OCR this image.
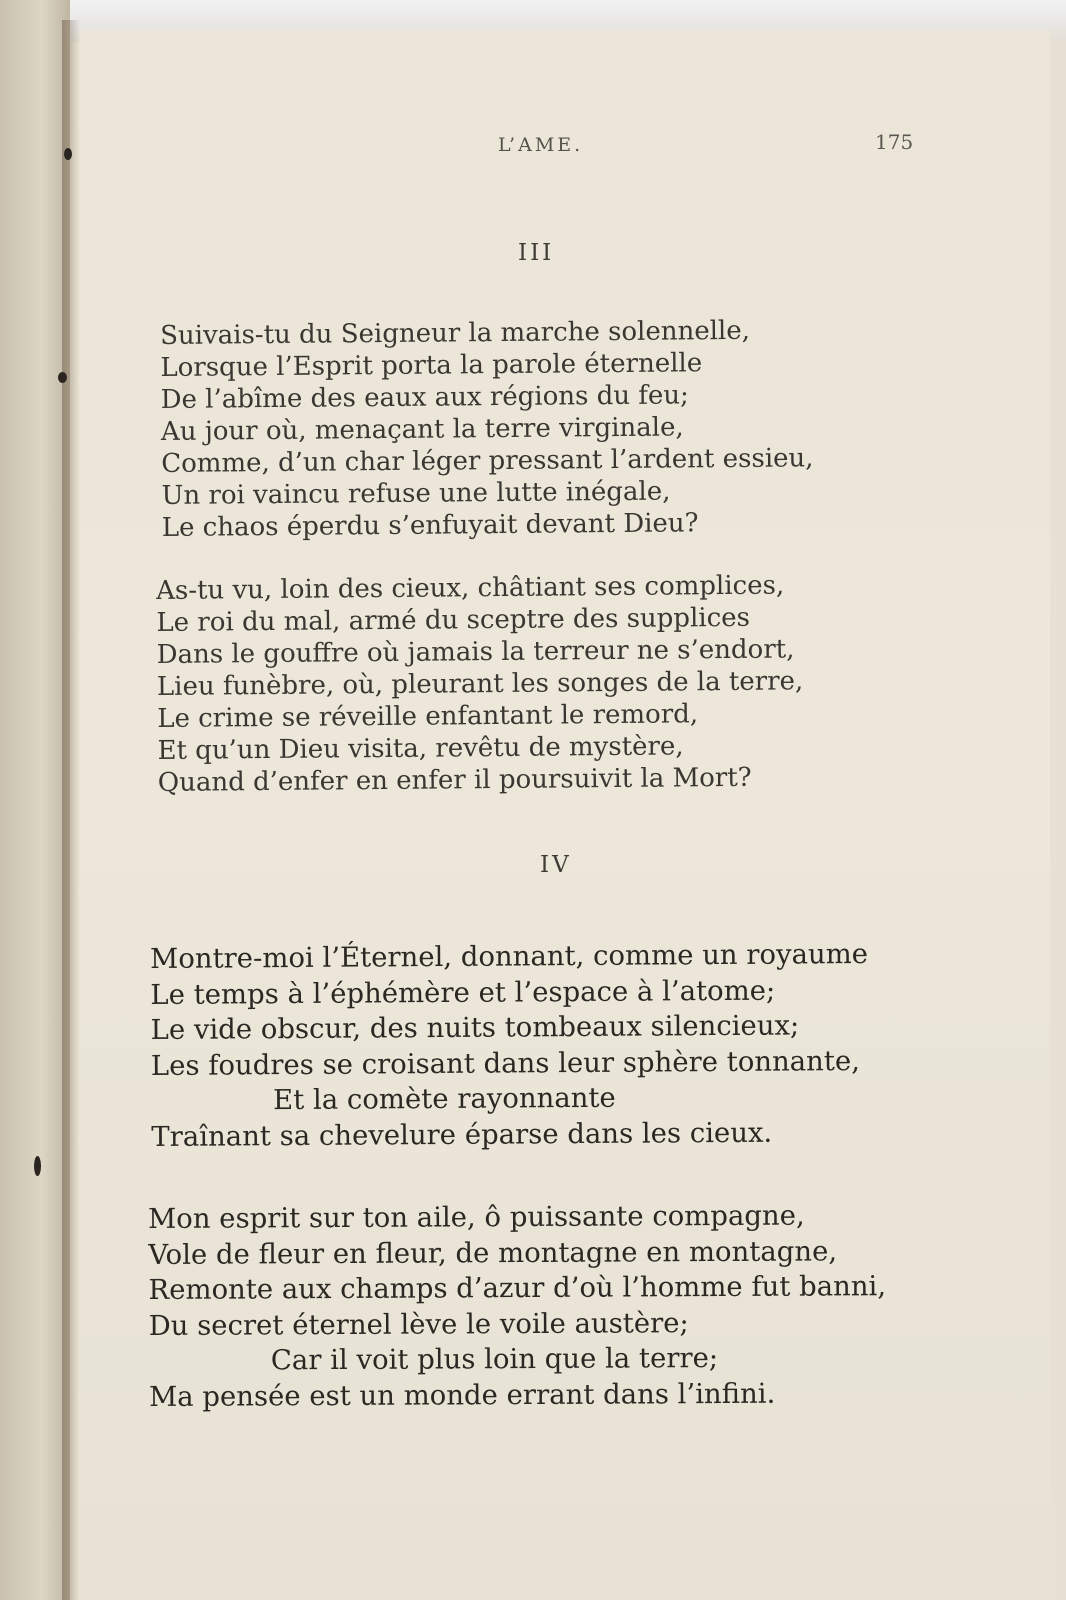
L’AME.	175
III
Suivais-tu du Seigneur la marche solennelle,
Lorsque l’Esprit porta la parole éternelle
De l’abîme des eaux aux régions du feu;
Au jour où, menaçant la terre virginale,
Comme, d’un char léger pressant l’ardent essieu,
Un roi vaincu refuse une lutte inégale,
Le chaos éperdu s’enfuyait devant Dieu?
As-tu vu, loin des cieux, châtiant ses complices,
Le roi du mal, armé du sceptre des supplices
Dans le gouffre où jamais la terreur ne s’endort,
Lieu funèbre, où, pleurant les songes de la terre,
Le crime se réveille enfantant le remord,
Et qu’un Dieu visita, revêtu de mystère,
Quand d’enfer en enfer il poursuivit la Mort?
IV
Montre-moi l’Éternel, donnant, comme un royaume
Le temps à l’éphémère et l’espace à l’atome;
Le vide obscur, des nuits tombeaux silencieux;
Les foudres se croisant dans leur sphère tonnante,
Et la comète rayonnante
Traînant sa chevelure éparse dans les cieux.
Mon esprit sur ton aile, ô puissante compagne,
Vole de fleur en fleur, de montagne en montagne,
Remonte aux champs d’azur d’où l’homme fut banni,
Du secret éternel lève le voile austère;
Car il voit plus loin que la terre;
Ma pensée est un monde errant dans l’infini.
